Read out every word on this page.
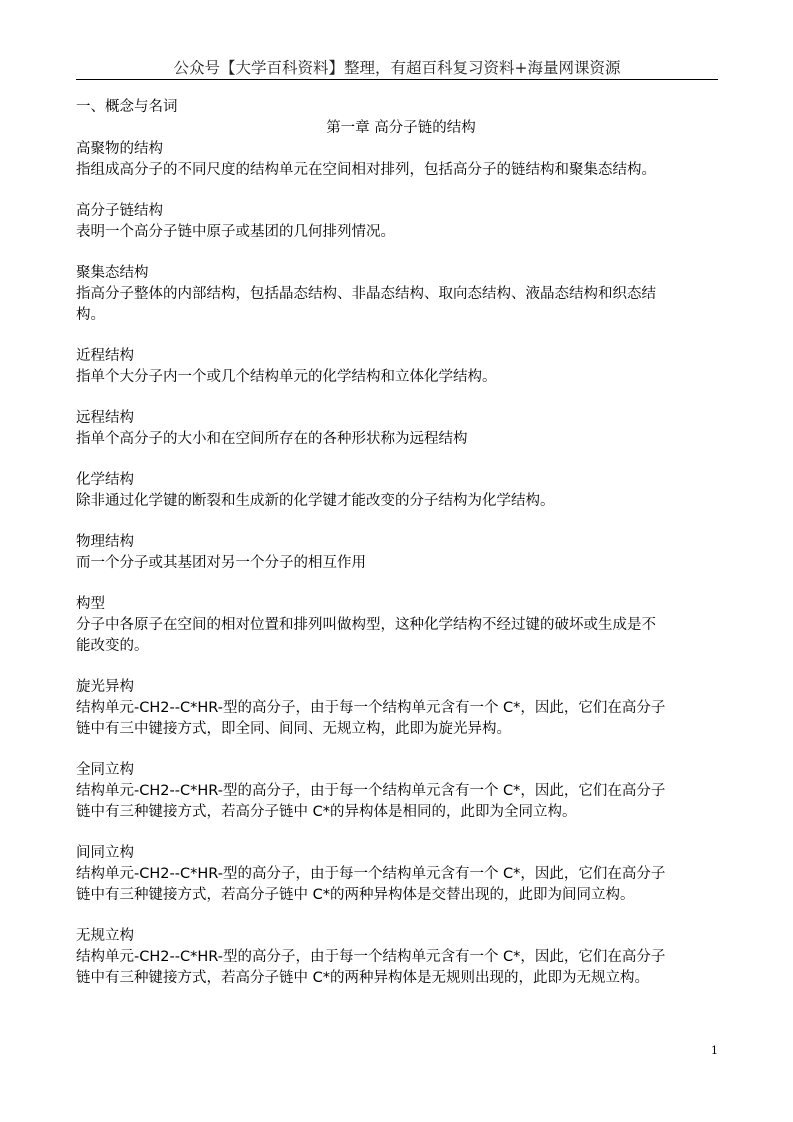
公众号【大学百科资料】整理，有超百科复习资料+海量网课资源
一、概念与名词
第一章 高分子链的结构
高聚物的结构
指组成高分子的不同尺度的结构单元在空间相对排列，包括高分子的链结构和聚集态结构。
高分子链结构
表明一个高分子链中原子或基团的几何排列情况。
聚集态结构
指高分子整体的内部结构，包括晶态结构、非晶态结构、取向态结构、液晶态结构和织态结
构。
近程结构
指单个大分子内一个或几个结构单元的化学结构和立体化学结构。
远程结构
指单个高分子的大小和在空间所存在的各种形状称为远程结构
化学结构
除非通过化学键的断裂和生成新的化学键才能改变的分子结构为化学结构。
物理结构
而一个分子或其基团对另一个分子的相互作用
构型
分子中各原子在空间的相对位置和排列叫做构型，这种化学结构不经过键的破坏或生成是不
能改变的。
旋光异构
结构单元-CH2--C*HR-型的高分子，由于每一个结构单元含有一个 C*，因此，它们在高分子
链中有三中键接方式，即全同、间同、无规立构，此即为旋光异构。
全同立构
结构单元-CH2--C*HR-型的高分子，由于每一个结构单元含有一个 C*，因此，它们在高分子
链中有三种键接方式，若高分子链中 C*的异构体是相同的，此即为全同立构。
间同立构
结构单元-CH2--C*HR-型的高分子，由于每一个结构单元含有一个 C*，因此，它们在高分子
链中有三种键接方式，若高分子链中 C*的两种异构体是交替出现的，此即为间同立构。
无规立构
结构单元-CH2--C*HR-型的高分子，由于每一个结构单元含有一个 C*，因此，它们在高分子
链中有三种键接方式，若高分子链中 C*的两种异构体是无规则出现的，此即为无规立构。
1
